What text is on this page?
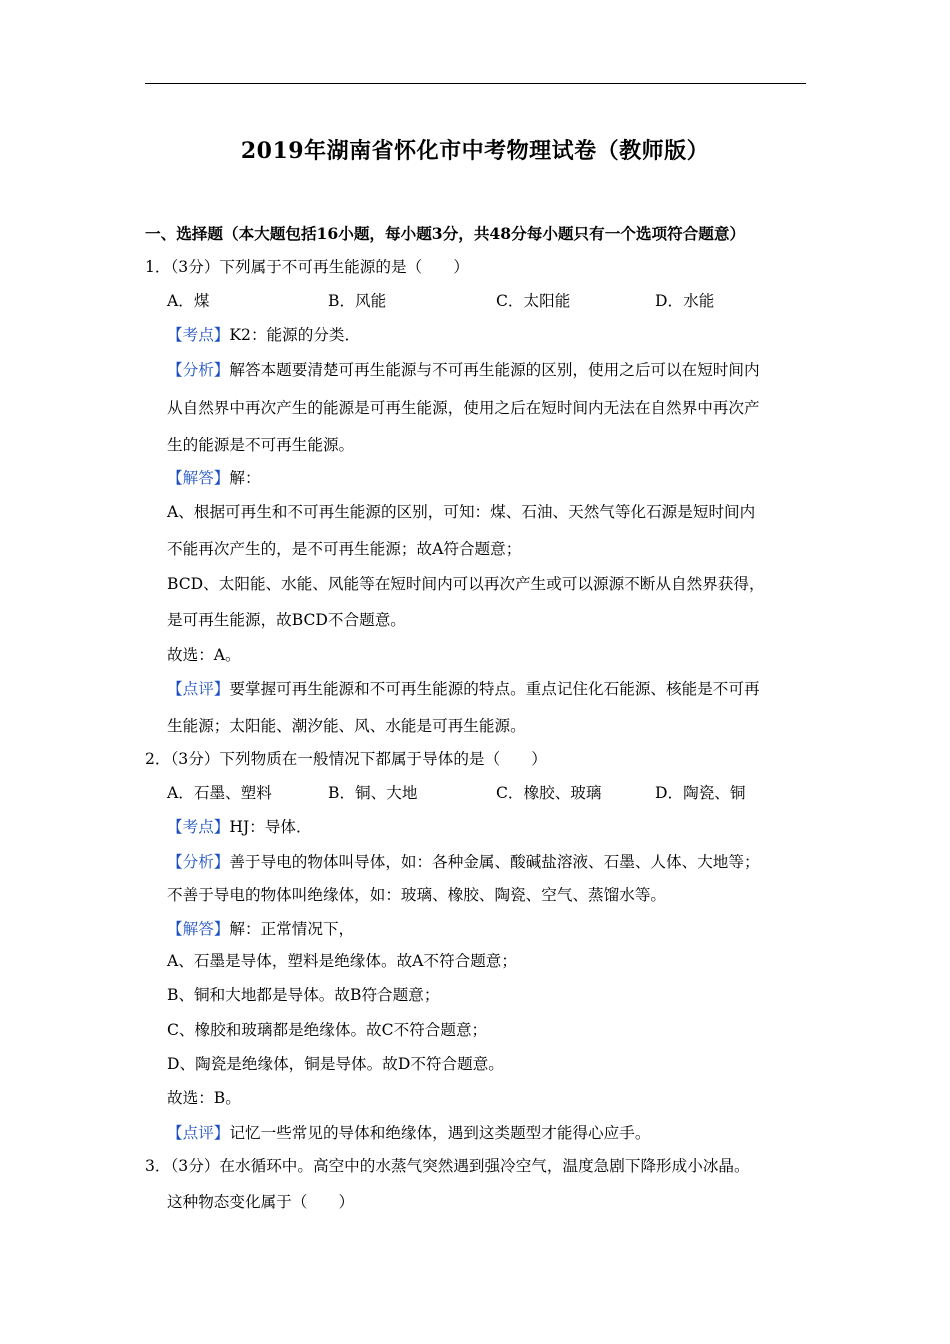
2019年湖南省怀化市中考物理试卷（教师版）
一、选择题（本大题包括16小题，每小题3分，共48分每小题只有一个选项符合题意）
1．（3分）下列属于不可再生能源的是（　　）
A．煤	B．风能	C．太阳能	D．水能
【考点】K2：能源的分类．
【分析】解答本题要清楚可再生能源与不可再生能源的区别，使用之后可以在短时间内
从自然界中再次产生的能源是可再生能源，使用之后在短时间内无法在自然界中再次产
生的能源是不可再生能源。
【解答】解：
A、根据可再生和不可再生能源的区别，可知：煤、石油、天然气等化石源是短时间内
不能再次产生的，是不可再生能源；故A符合题意；
BCD、太阳能、水能、风能等在短时间内可以再次产生或可以源源不断从自然界获得，
是可再生能源，故BCD不合题意。
故选：A。
【点评】要掌握可再生能源和不可再生能源的特点。重点记住化石能源、核能是不可再
生能源；太阳能、潮汐能、风、水能是可再生能源。
2．（3分）下列物质在一般情况下都属于导体的是（　　）
A．石墨、塑料	B．铜、大地	C．橡胶、玻璃	D．陶瓷、铜
【考点】HJ：导体．
【分析】善于导电的物体叫导体，如：各种金属、酸碱盐溶液、石墨、人体、大地等；
不善于导电的物体叫绝缘体，如：玻璃、橡胶、陶瓷、空气、蒸馏水等。
【解答】解：正常情况下，
A、石墨是导体，塑料是绝缘体。故A不符合题意；
B、铜和大地都是导体。故B符合题意；
C、橡胶和玻璃都是绝缘体。故C不符合题意；
D、陶瓷是绝缘体，铜是导体。故D不符合题意。
故选：B。
【点评】记忆一些常见的导体和绝缘体，遇到这类题型才能得心应手。
3．（3分）在水循环中。高空中的水蒸气突然遇到强冷空气，温度急剧下降形成小冰晶。
这种物态变化属于（　　）
